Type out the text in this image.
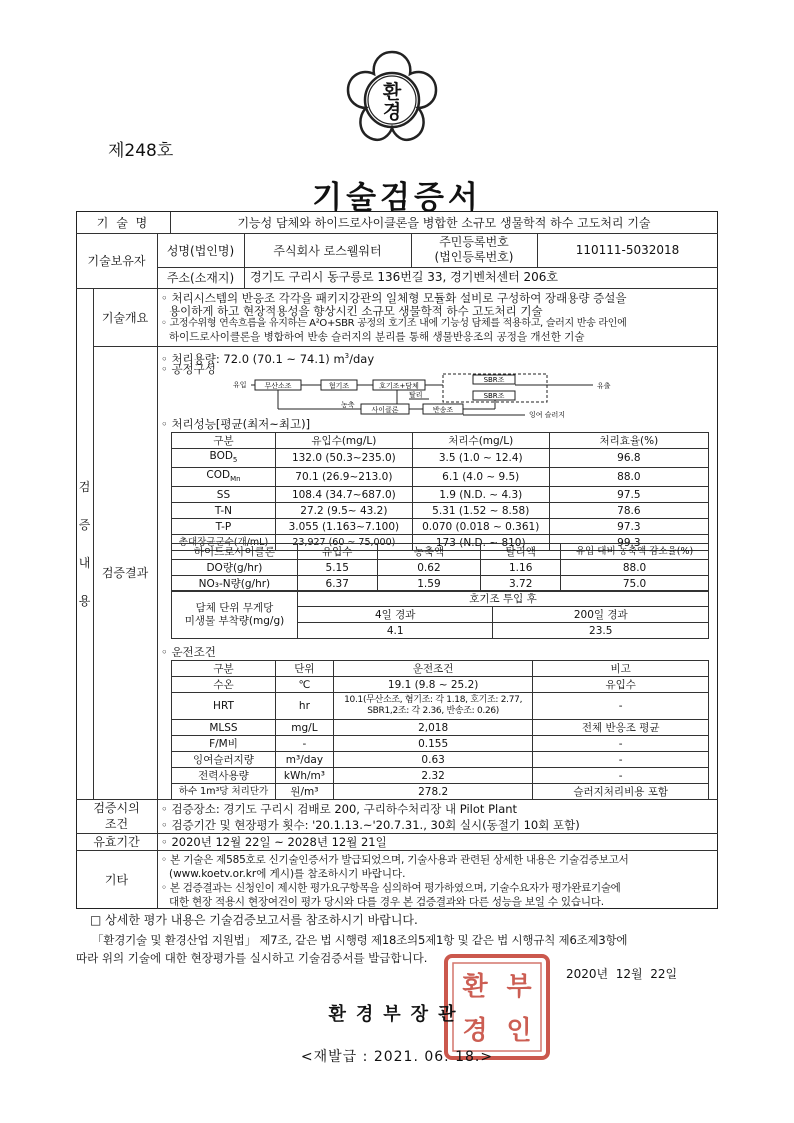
환
경
제248호
기술검증서
기 술 명	기능성 담체와 하이드로사이클론을 병합한 소규모 생물학적 하수 고도처리 기술
기술보유자
성명(법인명)	주식회사 로스웰워터
주민등록번호
(법인등록번호)	110111-5032018
주소(소재지)	경기도 구리시 동구릉로 136번길 33, 경기벤처센터 206호
검
증
내
용
기술개요
◦ 처리시스템의 반응조 각각을 패키지강관의 일체형 모듈화 설비로 구성하여 장래용량 증설을
용이하게 하고 현장적용성을 향상시킨 소규모 생물학적 하수 고도처리 기술
◦ 고정수위형 연속흐름을 유지하는 A²O+SBR 공정의 호기조 내에 기능성 담체를 적용하고, 슬러지 반송 라인에
하이드로사이클론을 병합하여 반송 슬러지의 분리를 통해 생물반응조의 공정을 개선한 기술
검증결과
◦ 처리용량: 72.0 (70.1 ~ 74.1) $m^3$/day
◦ 공정구성
유입	무산소조	혐기조	호기조+담체
SBR조
SBR조
유출
사이클론	반송조
농축
탈리
잉여 슬러지
◦ 처리성능[평균(최저~최고)]
구분	유입수(mg/L)	처리수(mg/L)	처리효율(%)
$BOD_5$	132.0 (50.3~235.0)	3.5 (1.0 ~ 12.4)	96.8
$COD_{Mn}$	70.1 (26.9~213.0)	6.1 (4.0 ~ 9.5)	88.0
SS	108.4 (34.7~687.0)	1.9 (N.D. ~ 4.3)	97.5
T-N	27.2 (9.5~ 43.2)	5.31 (1.52 ~ 8.58)	78.6
T-P	3.055 (1.163~7.100)	0.070 (0.018 ~ 0.361)	97.3
총대장균군수(개/mL)	23,927 (60 ~ 75,000)	173 (N.D. ~ 810)	99.3
하이드로사이클론	유입수	농축액	탈리액	유입 대비 농축액 감소율(%)
DO량(g/hr)	5.15	0.62	1.16	88.0
NO₃-N량(g/hr)	6.37	1.59	3.72	75.0
담체 단위 무게당
미생물 부착량(mg/g)	호기조 투입 후	
	4일 경과	200일 경과
	4.1	23.5
◦ 운전조건
구분	단위	운전조건	비고
수온	℃	19.1 (9.8 ~ 25.2)	유입수
HRT	hr	10.1(무산소조, 혐기조: 각 1.18, 호기조: 2.77, SBR1,2조: 각 2.36, 반송조: 0.26)	-
MLSS	mg/L	2,018	전체 반응조 평균
F/M비	-	0.155	-
잉여슬러지량	m³/day	0.63	-
전력사용량	kWh/m³	2.32	-
하수 1m³당 처리단가	원/m³	278.2	슬러지처리비용 포함
검증시의
조건
◦ 검증장소: 경기도 구리시 검배로 200, 구리하수처리장 내 Pilot Plant
◦ 검증기간 및 현장평가 횟수: '20.1.13.~'20.7.31., 30회 실시(동절기 10회 포함)
유효기간	◦ 2020년 12월 22일 ~ 2028년 12월 21일
기타
◦ 본 기술은 제585호로 신기술인증서가 발급되었으며, 기술사용과 관련된 상세한 내용은 기술검증보고서
(www.koetv.or.kr에 게시)를 참조하시기 바랍니다.
◦ 본 검증결과는 신청인이 제시한 평가요구항목을 심의하여 평가하였으며, 기술수요자가 평가완료기술에
대한 현장 적용시 현장여건이 평가 당시와 다를 경우 본 검증결과와 다른 성능을 보일 수 있습니다.
□ 상세한 평가 내용은 기술검증보고서를 참조하시기 바랍니다.
「환경기술 및 환경산업 지원법」 제7조, 같은 법 시행령 제18조의5제1항 및 같은 법 시행규칙 제6조제3항에
따라 위의 기술에 대한 현장평가를 실시하고 기술검증서를 발급합니다.
2020년  12월  22일
환 부
경 인
환경부장관
<재발급 : 2021. 06. 18.>
